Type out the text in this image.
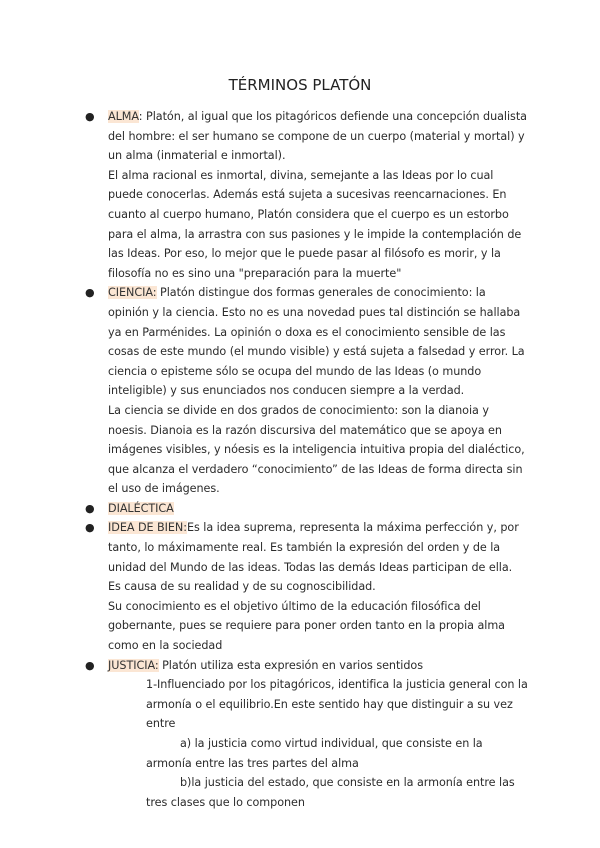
TÉRMINOS PLATÓN
● ALMA: Platón, al igual que los pitagóricos defiende una concepción dualista del hombre: el ser humano se compone de un cuerpo (material y mortal) y un alma (inmaterial e inmortal).

El alma racional es inmortal, divina, semejante a las Ideas por lo cual puede conocerlas. Además está sujeta a sucesivas reencarnaciones. En cuanto al cuerpo humano, Platón considera que el cuerpo es un estorbo para el alma, la arrastra con sus pasiones y le impide la contemplación de las Ideas. Por eso, lo mejor que le puede pasar al filósofo es morir, y la filosofía no es sino una "preparación para la muerte"

● CIENCIA: Platón distingue dos formas generales de conocimiento: la opinión y la ciencia. Esto no es una novedad pues tal distinción se hallaba ya en Parménides. La opinión o doxa es el conocimiento sensible de las cosas de este mundo (el mundo visible) y está sujeta a falsedad y error. La ciencia o episteme sólo se ocupa del mundo de las Ideas (o mundo inteligible) y sus enunciados nos conducen siempre a la verdad.

La ciencia se divide en dos grados de conocimiento: son la dianoia y noesis. Dianoia es la razón discursiva del matemático que se apoya en imágenes visibles, y nóesis es la inteligencia intuitiva propia del dialéctico, que alcanza el verdadero “conocimiento” de las Ideas de forma directa sin el uso de imágenes.

● DIALÉCTICA

● IDEA DE BIEN:Es la idea suprema, representa la máxima perfección y, por tanto, lo máximamente real. Es también la expresión del orden y de la unidad del Mundo de las ideas. Todas las demás Ideas participan de ella. Es causa de su realidad y de su cognoscibilidad.

Su conocimiento es el objetivo último de la educación filosófica del gobernante, pues se requiere para poner orden tanto en la propia alma como en la sociedad

● JUSTICIA: Platón utiliza esta expresión en varios sentidos

1-Influenciado por los pitagóricos, identifica la justicia general con la armonía o el equilibrio.En este sentido hay que distinguir a su vez entre

a) la justicia como virtud individual, que consiste en la armonía entre las tres partes del alma

b)la justicia del estado, que consiste en la armonía entre las tres clases que lo componen
